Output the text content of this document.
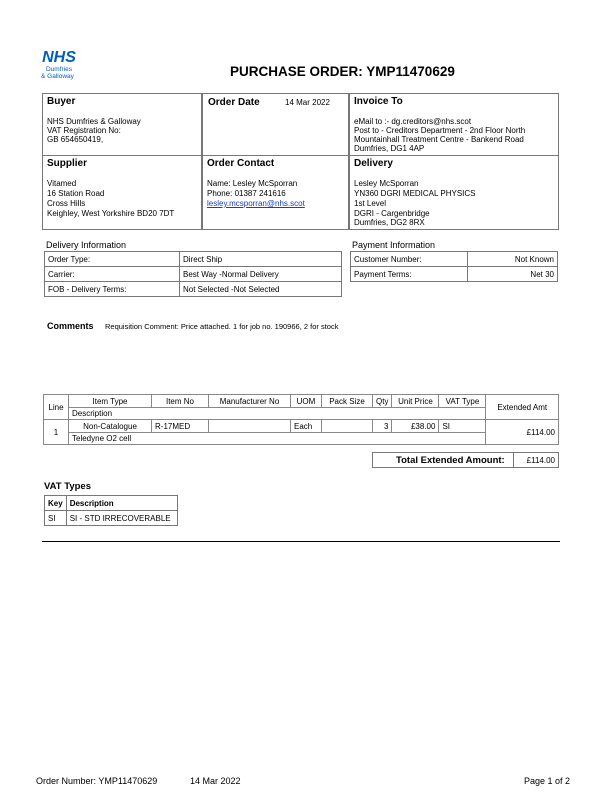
NHS
Dumfries
& Galloway	PURCHASE ORDER: YMP11470629
Buyer
NHS Dumfries & Galloway
VAT Registration No:
GB 654650419,
Order Date	14 Mar 2022 Invoice To
eMail to :- dg.creditors@nhs.scot
Post to - Creditors Department - 2nd Floor North
Mountainhall Treatment Centre - Bankend Road
Dumfries, DG1 4AP
Supplier
Vitamed
16 Station Road
Cross Hills
Keighley, West Yorkshire BD20 7DT
Order Contact
Name: Lesley McSporran
Phone: 01387 241616
lesley.mcsporran@nhs.scot
Delivery
Lesley McSporran
YN360 DGRI MEDICAL PHYSICS
1st Level
DGRI - Cargenbridge
Dumfries, DG2 8RX
Delivery Information
Order Type:	Direct Ship
Carrier:	Best Way -Normal Delivery
FOB - Delivery Terms:	Not Selected -Not Selected
Payment Information
Customer Number:	Not Known
Payment Terms:	Net 30
Comments Requisition Comment: Price attached. 1 for job no. 190966, 2 for stock
Line	Item Type	Item No	Manufacturer No	UOM	Pack Size	Qty	Unit Price	VAT Type	Extended Amt
	Description								
1	Non-Catalogue	R-17MED		Each		3	£38.00	SI	£114.00
	Teledyne O2 cell								
Total Extended Amount:	£114.00
VAT Types
Key	Description
SI	SI - STD IRRECOVERABLE
Order Number: YMP11470629	14 Mar 2022	Page 1 of 2
